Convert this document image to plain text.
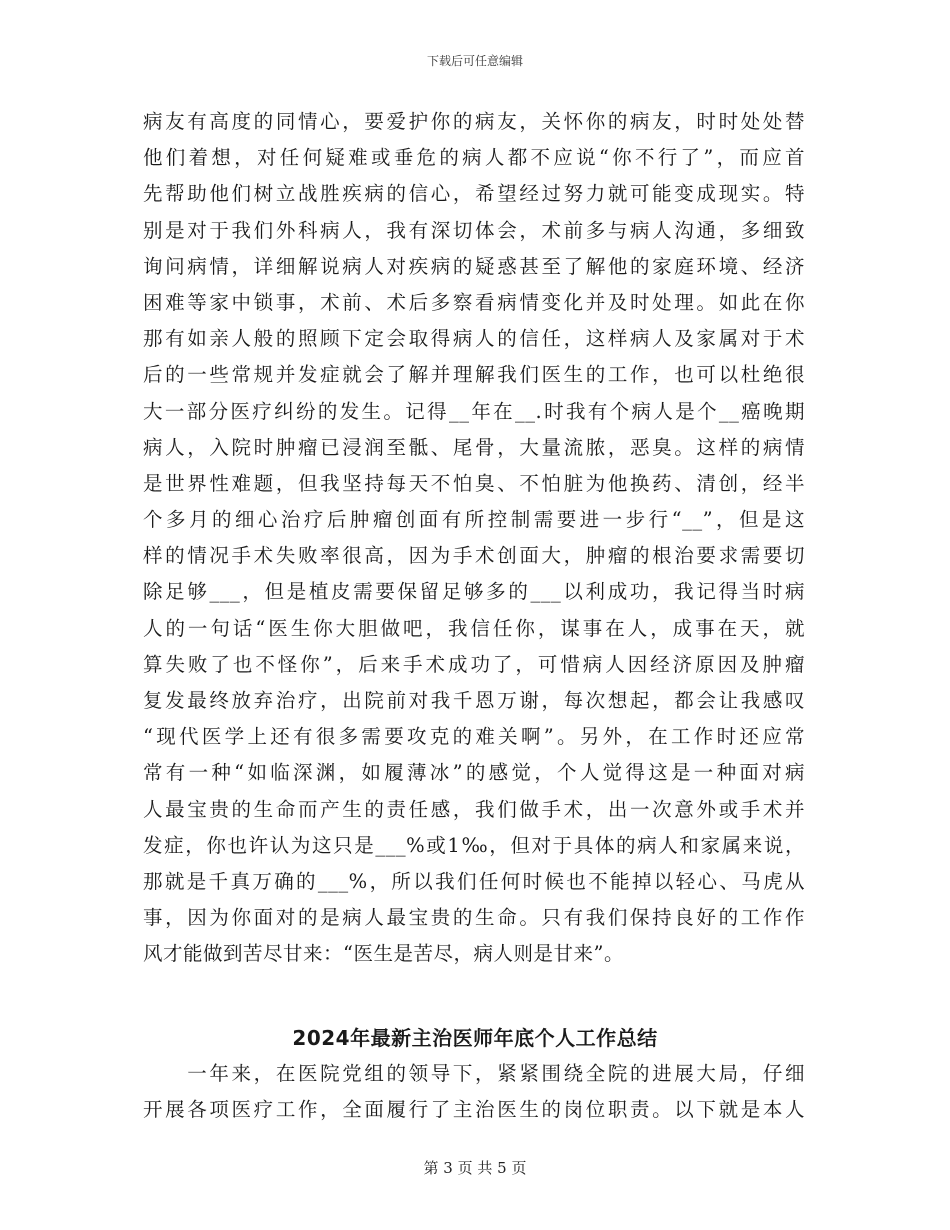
下载后可任意编辑
病友有高度的同情心，要爱护你的病友，关怀你的病友，时时处处替
他们着想，对任何疑难或垂危的病人都不应说“你不行了”，而应首
先帮助他们树立战胜疾病的信心，希望经过努力就可能变成现实。特
别是对于我们外科病人，我有深切体会，术前多与病人沟通，多细致
询问病情，详细解说病人对疾病的疑惑甚至了解他的家庭环境、经济
困难等家中锁事，术前、术后多察看病情变化并及时处理。如此在你
那有如亲人般的照顾下定会取得病人的信任，这样病人及家属对于术
后的一些常规并发症就会了解并理解我们医生的工作，也可以杜绝很
大一部分医疗纠纷的发生。记得__年在__.时我有个病人是个__癌晚期
病人，入院时肿瘤已浸润至骶、尾骨，大量流脓，恶臭。这样的病情
是世界性难题，但我坚持每天不怕臭、不怕脏为他换药、清创，经半
个多月的细心治疗后肿瘤创面有所控制需要进一步行“__”，但是这
样的情况手术失败率很高，因为手术创面大，肿瘤的根治要求需要切
除足够___，但是植皮需要保留足够多的___以利成功，我记得当时病
人的一句话“医生你大胆做吧，我信任你，谋事在人，成事在天，就
算失败了也不怪你”，后来手术成功了，可惜病人因经济原因及肿瘤
复发最终放弃治疗，出院前对我千恩万谢，每次想起，都会让我感叹
“现代医学上还有很多需要攻克的难关啊”。另外，在工作时还应常
常有一种“如临深渊，如履薄冰”的感觉，个人觉得这是一种面对病
人最宝贵的生命而产生的责任感，我们做手术，出一次意外或手术并
发症，你也许认为这只是___%或1‰，但对于具体的病人和家属来说，
那就是千真万确的___%，所以我们任何时候也不能掉以轻心、马虎从
事，因为你面对的是病人最宝贵的生命。只有我们保持良好的工作作
风才能做到苦尽甘来：“医生是苦尽，病人则是甘来”。
2024年最新主治医师年底个人工作总结
　　一年来，在医院党组的领导下，紧紧围绕全院的进展大局，仔细
开展各项医疗工作，全面履行了主治医生的岗位职责。以下就是本人
第 3 页 共 5 页
